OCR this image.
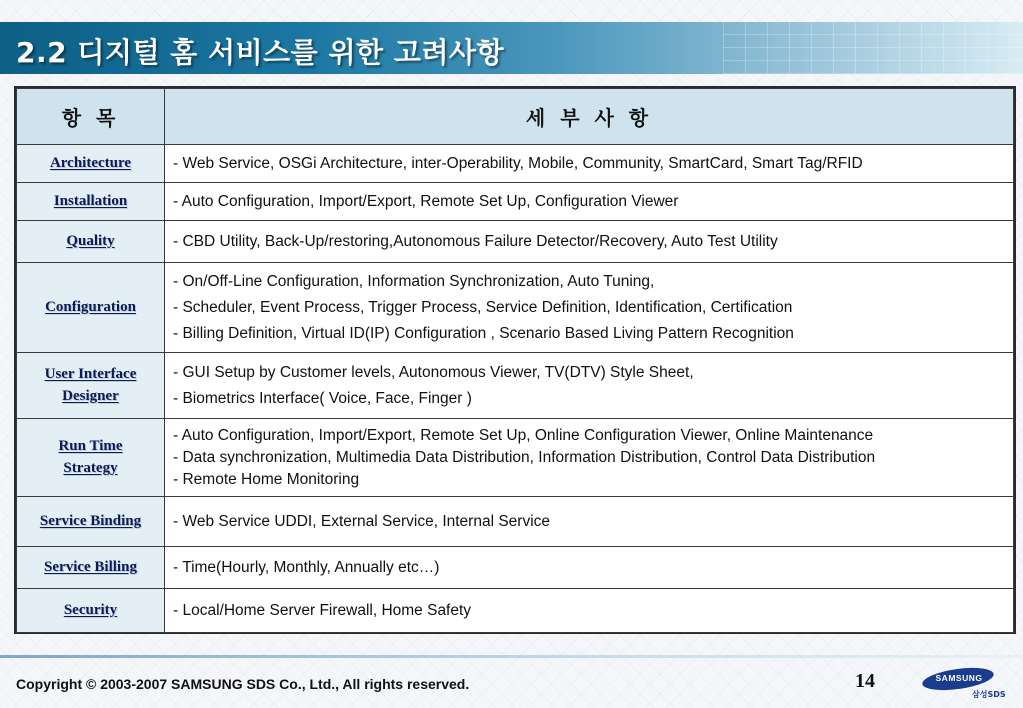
2.2 디지털 홈 서비스를 위한 고려사항
항 목	세 부 사 항

Architecture	- Web Service, OSGi Architecture, inter-Operability, Mobile, Community, SmartCard, Smart Tag/RFID

Installation	- Auto Configuration, Import/Export, Remote Set Up, Configuration Viewer

Quality	- CBD Utility, Back-Up/restoring,Autonomous Failure Detector/Recovery, Auto Test Utility

Configuration	- On/Off-Line Configuration, Information Synchronization, Auto Tuning,
- Scheduler, Event Process, Trigger Process, Service Definition, Identification, Certification
- Billing Definition, Virtual ID(IP) Configuration , Scenario Based Living Pattern Recognition

User Interface
Designer	- GUI Setup by Customer levels, Autonomous Viewer, TV(DTV) Style Sheet,
- Biometrics Interface( Voice, Face, Finger )

Run Time
Strategy	- Auto Configuration, Import/Export, Remote Set Up, Online Configuration Viewer, Online Maintenance
- Data synchronization, Multimedia Data Distribution, Information Distribution, Control Data Distribution
- Remote Home Monitoring

Service Binding	- Web Service UDDI, External Service, Internal Service

Service Billing	- Time(Hourly, Monthly, Annually etc…)

Security	- Local/Home Server Firewall, Home Safety
Copyright © 2003-2007 SAMSUNG SDS Co., Ltd., All rights reserved.	14	SAMSUNG
삼성SDS
